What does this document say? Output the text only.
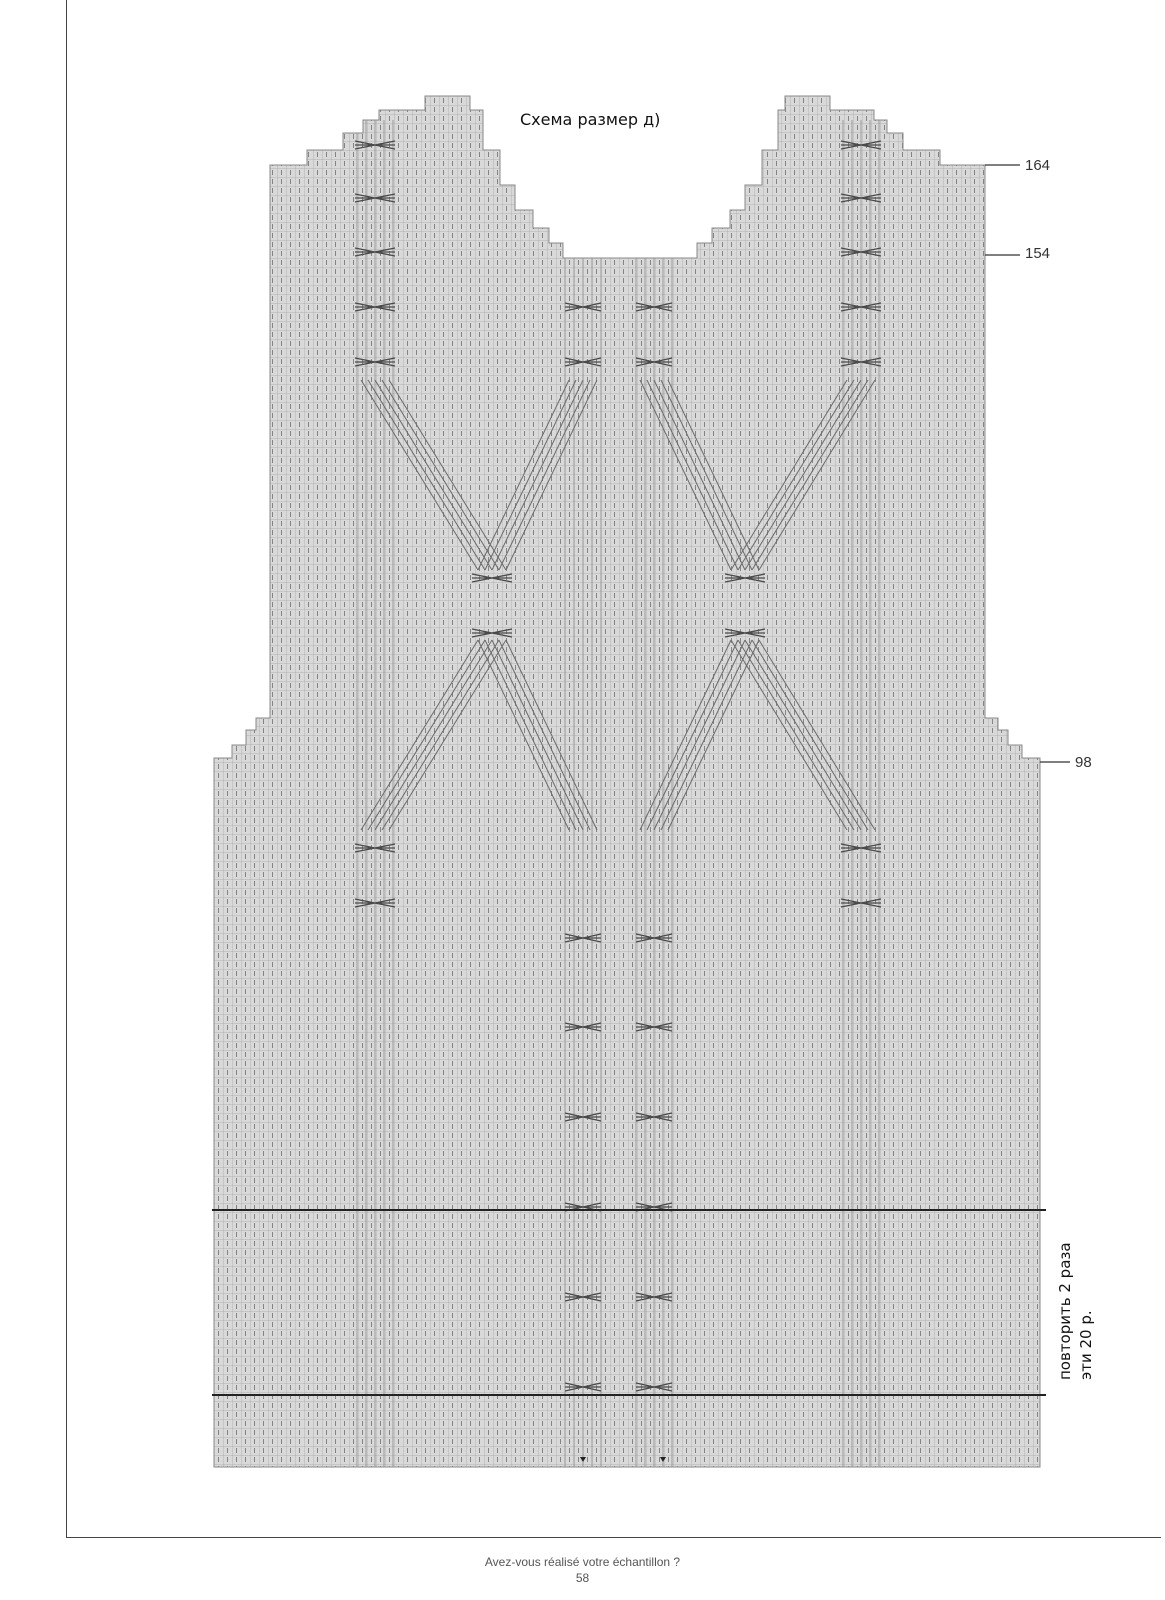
Схема размер д)
164
154
98
повторить 2 раза эти 20 р.
Avez-vous réalisé votre échantillon ?
58
